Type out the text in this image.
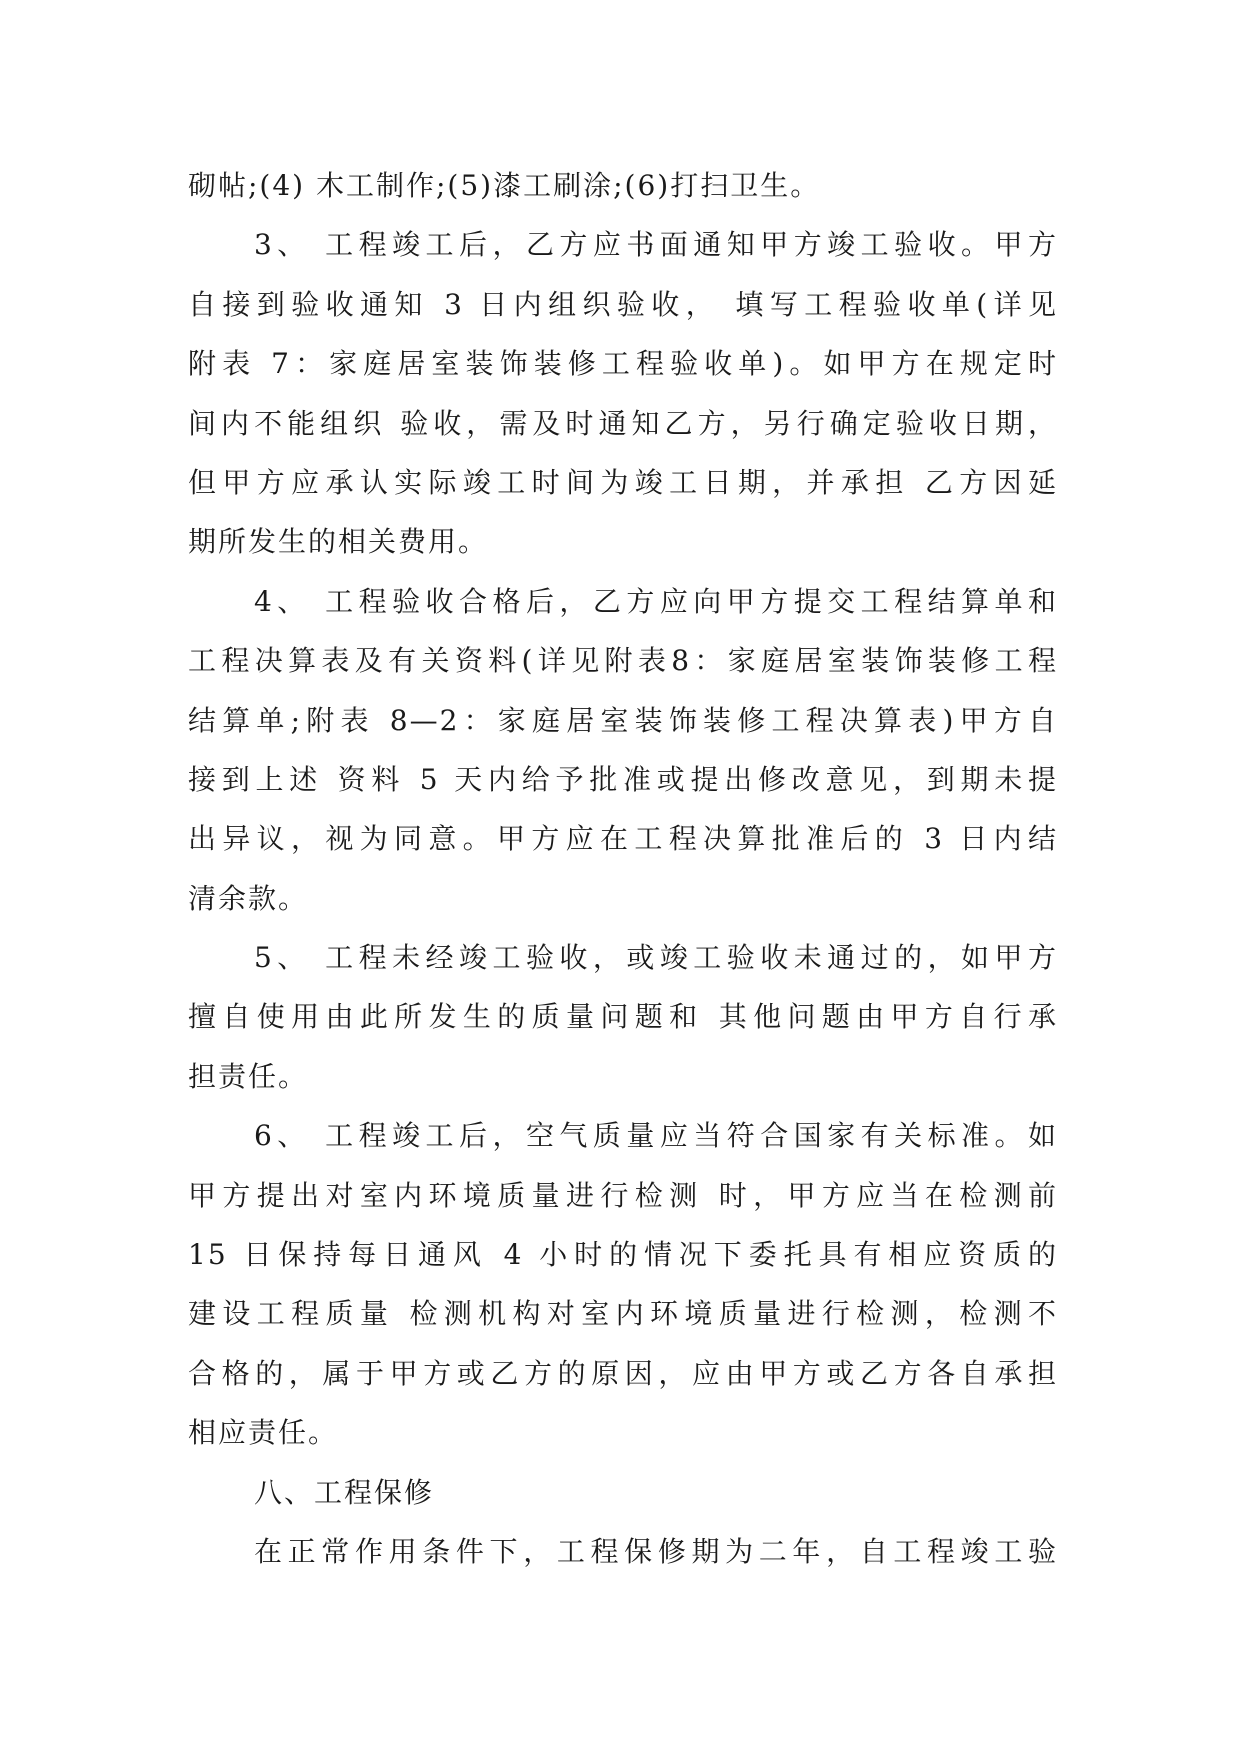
砌帖;(4) 木工制作;(5)漆工刷涂;(6)打扫卫生。
3、 工程竣工后，乙方应书面通知甲方竣工验收。甲方
自接到验收通知 3 日内组织验收， 填写工程验收单(详见
附表 7：家庭居室装饰装修工程验收单)。如甲方在规定时
间内不能组织 验收，需及时通知乙方，另行确定验收日期，
但甲方应承认实际竣工时间为竣工日期，并承担 乙方因延
期所发生的相关费用。
4、 工程验收合格后，乙方应向甲方提交工程结算单和
工程决算表及有关资料(详见附表8：家庭居室装饰装修工程
结算单;附表 8—2：家庭居室装饰装修工程决算表)甲方自
接到上述 资料 5 天内给予批准或提出修改意见，到期未提
出异议，视为同意。甲方应在工程决算批准后的 3 日内结
清余款。
5、 工程未经竣工验收，或竣工验收未通过的，如甲方
擅自使用由此所发生的质量问题和 其他问题由甲方自行承
担责任。
6、 工程竣工后，空气质量应当符合国家有关标准。如
甲方提出对室内环境质量进行检测 时，甲方应当在检测前
15 日保持每日通风 4 小时的情况下委托具有相应资质的
建设工程质量 检测机构对室内环境质量进行检测，检测不
合格的，属于甲方或乙方的原因，应由甲方或乙方各自承担
相应责任。
八、工程保修
在正常作用条件下，工程保修期为二年，自工程竣工验
